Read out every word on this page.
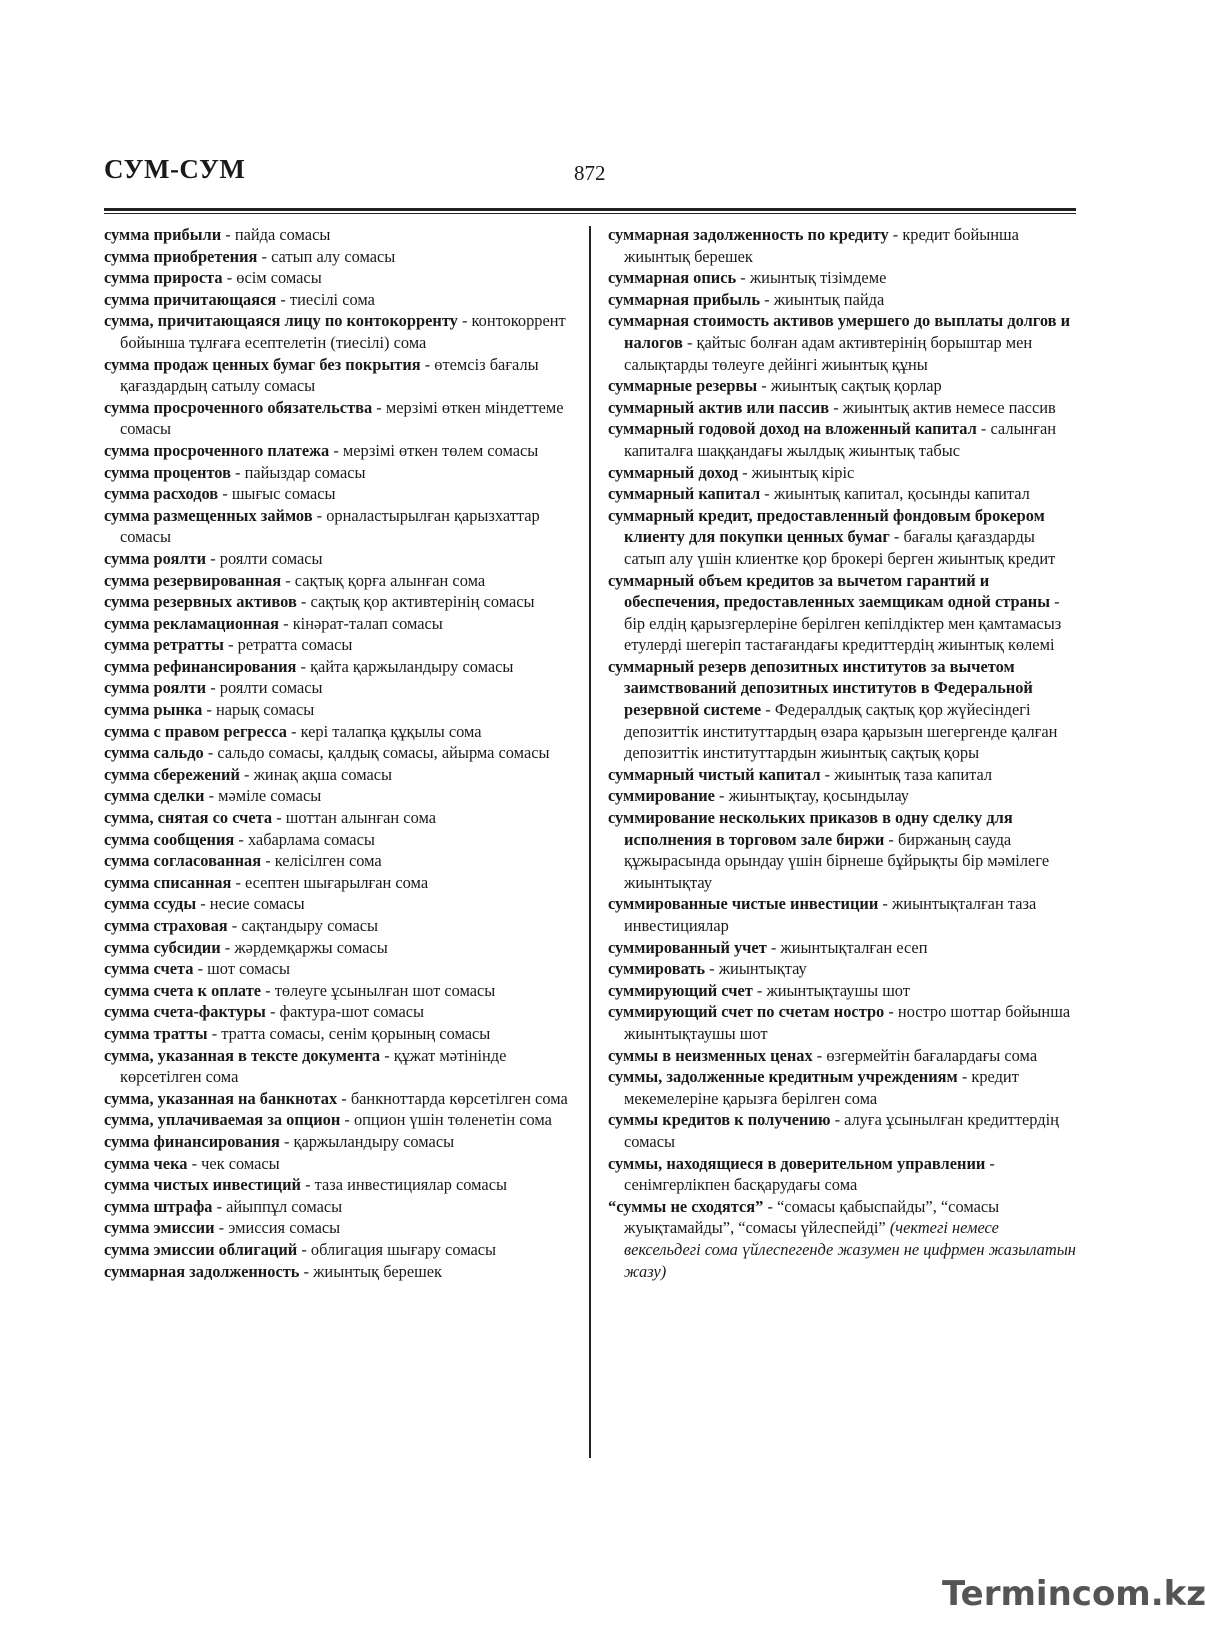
СУМ-СУМ	872

сумма прибыли - пайда сомасы

сумма приобретения - сатып алу сомасы

сумма прироста - өсім сомасы

сумма причитающаяся - тиесілі сома

сумма, причитающаяся лицу по контокорренту - контокоррент бойынша тұлғаға есептелетін (тиесілі) сома

сумма продаж ценных бумаг без покрытия - өтемсіз бағалы қағаздардың сатылу сомасы

сумма просроченного обязательства - мерзімі өткен міндеттеме сомасы

сумма просроченного платежа - мерзімі өткен төлем сомасы

сумма процентов - пайыздар сомасы

сумма расходов - шығыс сомасы

сумма размещенных займов - орналастырылған қарызхаттар сомасы

сумма роялти - роялти сомасы

сумма резервированная - сақтық қорға алынған сома

сумма резервных активов - сақтық қор активтерінің сомасы

сумма рекламационная - кінәрат-талап сомасы

сумма ретратты - ретратта сомасы

сумма рефинансирования - қайта қаржыландыру сомасы

сумма роялти - роялти сомасы

сумма рынка - нарық сомасы

сумма с правом регресса - кері талапқа құқылы сома

сумма сальдо - сальдо сомасы, қалдық сомасы, айырма сомасы

сумма сбережений - жинақ ақша сомасы

сумма сделки - мәміле сомасы

сумма, снятая со счета - шоттан алынған сома

сумма сообщения - хабарлама сомасы

сумма согласованная - келісілген сома

сумма списанная - есептен шығарылған сома

сумма ссуды - несие сомасы

сумма страховая - сақтандыру сомасы

сумма субсидии - жәрдемқаржы сомасы

сумма счета - шот сомасы

сумма счета к оплате - төлеуге ұсынылған шот сомасы

сумма счета-фактуры - фактура-шот сомасы

сумма тратты - тратта сомасы, сенім қорының сомасы

сумма, указанная в тексте документа - құжат мәтінінде көрсетілген сома

сумма, указанная на банкнотах - банкноттарда көрсетілген сома

сумма, уплачиваемая за опцион - опцион үшін төленетін сома

сумма финансирования - қаржыландыру сомасы

сумма чека - чек сомасы

сумма чистых инвестиций - таза инвестициялар сомасы

сумма штрафа - айыппұл сомасы

сумма эмиссии - эмиссия сомасы

сумма эмиссии облигаций - облигация шығару сомасы

суммарная задолженность - жиынтық берешек

суммарная задолженность по кредиту - кредит бойынша жиынтық берешек

суммарная опись - жиынтық тізімдеме

суммарная прибыль - жиынтық пайда

суммарная стоимость активов умершего до выплаты долгов и налогов - қайтыс болған адам активтерінің борыштар мен салықтарды төлеуге дейінгі жиынтық құны

суммарные резервы - жиынтық сақтық қорлар

суммарный актив или пассив - жиынтық актив немесе пассив

суммарный годовой доход на вложенный капитал - салынған капиталға шаққандағы жылдық жиынтық табыс

суммарный доход - жиынтық кіріс

суммарный капитал - жиынтық капитал, қосынды капитал

суммарный кредит, предоставленный фондовым брокером клиенту для покупки ценных бумаг - бағалы қағаздарды сатып алу үшін клиентке қор брокері берген жиынтық кредит

суммарный объем кредитов за вычетом гарантий и обеспечения, предоставленных заемщикам одной страны - бір елдің қарызгерлеріне берілген кепілдіктер мен қамтамасыз етулерді шегеріп тастағандағы кредиттердің жиынтық көлемі

суммарный резерв депозитных институтов за вычетом заимствований депозитных институтов в Федеральной резервной системе - Федералдық сақтық қор жүйесіндегі депозиттік институттардың өзара қарызын шегергенде қалған депозиттік институттардын жиынтық сақтық қоры

суммарный чистый капитал - жиынтық таза капитал

суммирование - жиынтықтау, қосындылау

суммирование нескольких приказов в одну сделку для исполнения в торговом зале биржи - биржаның сауда құжырасында орындау үшін бірнеше бұйрықты бір мәмілеге жиынтықтау

суммированные чистые инвестиции - жиынтықталған таза инвестициялар

суммированный учет - жиынтықталған есеп

суммировать - жиынтықтау

суммирующий счет - жиынтықтаушы шот

суммирующий счет по счетам ностро - ностро шоттар бойынша жиынтықтаушы шот

суммы в неизменных ценах - өзгермейтін бағалардағы сома

суммы, задолженные кредитным учреждениям - кредит мекемелеріне қарызға берілген сома

суммы кредитов к получению - алуға ұсынылған кредиттердің сомасы

суммы, находящиеся в доверительном управлении - сенімгерлікпен басқарудағы сома

“суммы не сходятся” - “сомасы қабыспайды”, “сомасы жуықтамайды”, “сомасы үйлеспейді” (чектегі немесе вексельдегі сома үйлеспегенде жазумен не цифрмен жазылатын жазу)

Termincom.kz
